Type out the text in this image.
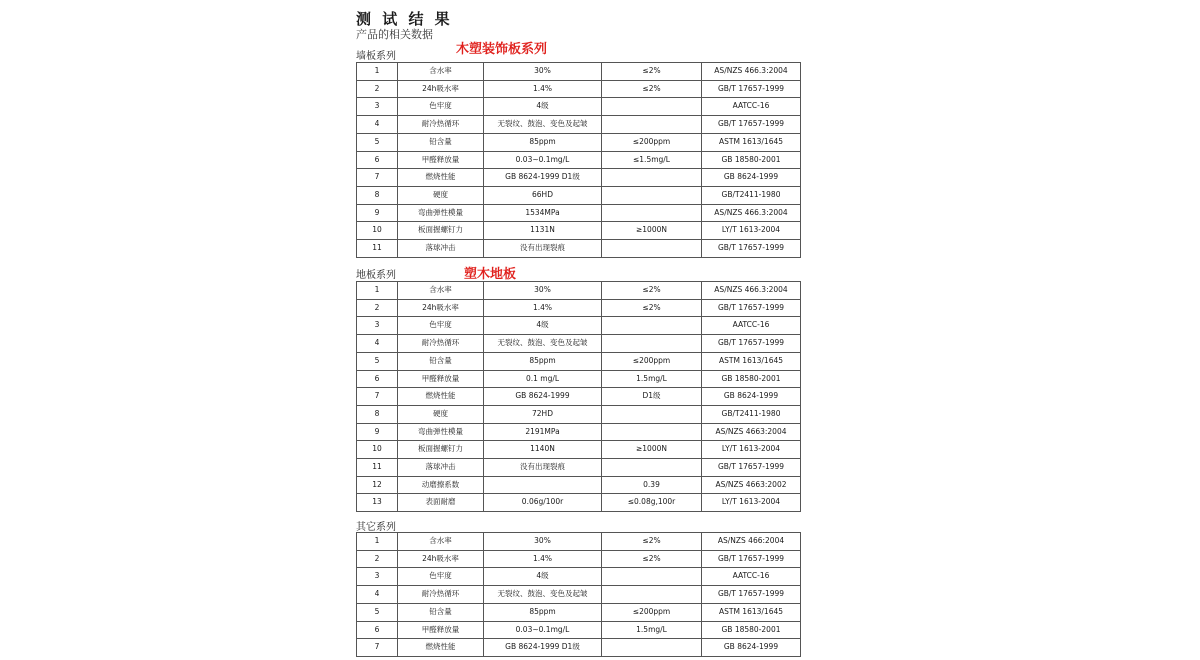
测 试 结 果
产品的相关数据
墙板系列	木塑装饰板系列
1	含水率	30%	≤2%	AS/NZS 466.3:2004
2	24h吸水率	1.4%	≤2%	GB/T 17657-1999
3	色牢度	4级		AATCC-16
4	耐冷热循环	无裂纹、鼓泡、变色及起皱		GB/T 17657-1999
5	铅含量	85ppm	≤200ppm	ASTM 1613/1645
6	甲醛释放量	0.03~0.1mg/L	≤1.5mg/L	GB 18580-2001
7	燃烧性能	GB 8624-1999 D1级		GB 8624-1999
8	硬度	66HD		GB/T2411-1980
9	弯曲弹性模量	1534MPa		AS/NZS 466.3:2004
10	板面握螺钉力	1131N	≥1000N	LY/T 1613-2004
11	落球冲击	没有出现裂痕		GB/T 17657-1999
地板系列	塑木地板
1	含水率	30%	≤2%	AS/NZS 466.3:2004
2	24h吸水率	1.4%	≤2%	GB/T 17657-1999
3	色牢度	4级		AATCC-16
4	耐冷热循环	无裂纹、鼓泡、变色及起皱		GB/T 17657-1999
5	铅含量	85ppm	≤200ppm	ASTM 1613/1645
6	甲醛释放量	0.1 mg/L	1.5mg/L	GB 18580-2001
7	燃烧性能	GB 8624-1999	D1级	GB 8624-1999
8	硬度	72HD		GB/T2411-1980
9	弯曲弹性模量	2191MPa		AS/NZS 4663:2004
10	板面握螺钉力	1140N	≥1000N	LY/T 1613-2004
11	落球冲击	没有出现裂痕		GB/T 17657-1999
12	动磨擦系数		0.39	AS/NZS 4663:2002
13	表面耐磨	0.06g/100r	≤0.08g,100r	LY/T 1613-2004
其它系列
1	含水率	30%	≤2%	AS/NZS 466:2004
2	24h吸水率	1.4%	≤2%	GB/T 17657-1999
3	色牢度	4级		AATCC-16
4	耐冷热循环	无裂纹、鼓泡、变色及起皱		GB/T 17657-1999
5	铅含量	85ppm	≤200ppm	ASTM 1613/1645
6	甲醛释放量	0.03~0.1mg/L	1.5mg/L	GB 18580-2001
7	燃烧性能	GB 8624-1999 D1级		GB 8624-1999
